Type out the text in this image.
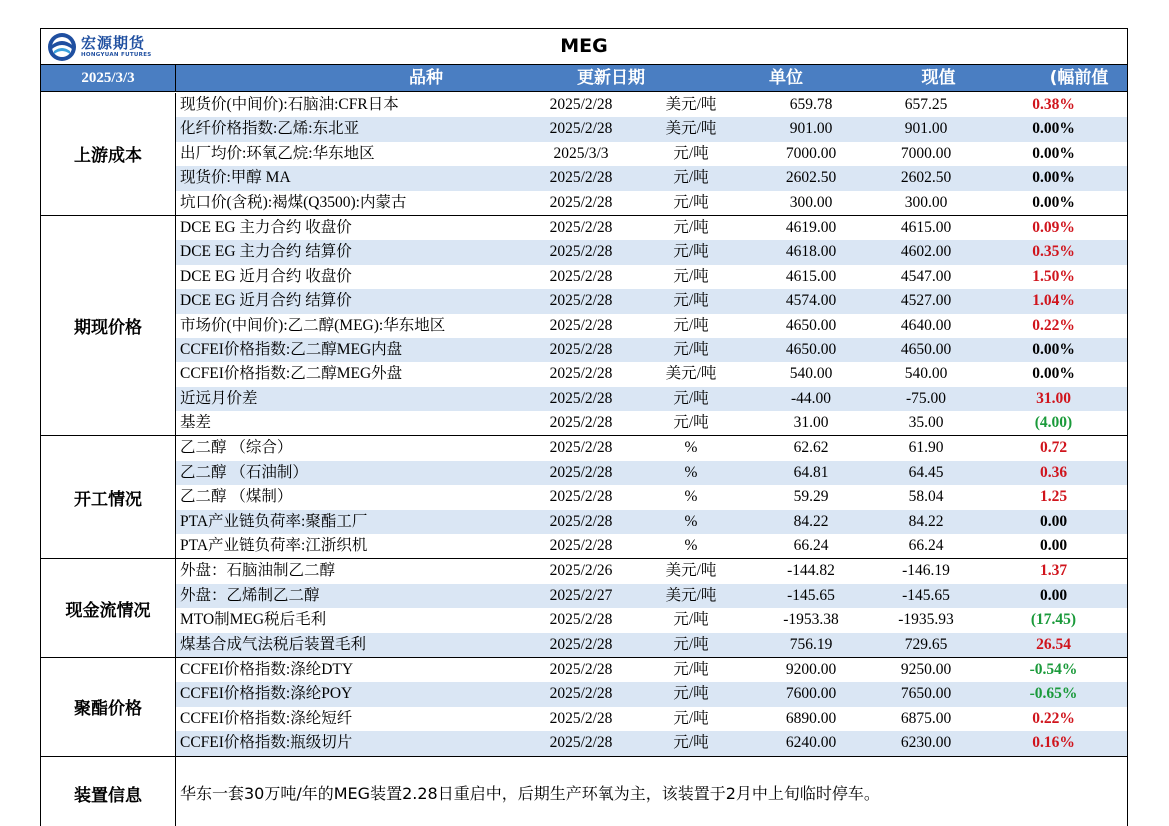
宏源期货
HONGYUAN FUTURES	MEG
2025/3/3	品种	更新日期	单位	现值	(幅前值
上游成本
现货价(中间价):石脑油:CFR日本	2025/2/28	美元/吨	659.78	657.25	0.38%
化纤价格指数:乙烯:东北亚	2025/2/28	美元/吨	901.00	901.00	0.00%
出厂均价:环氧乙烷:华东地区	2025/3/3	元/吨	7000.00	7000.00	0.00%
现货价:甲醇 MA	2025/2/28	元/吨	2602.50	2602.50	0.00%
坑口价(含税):褐煤(Q3500):内蒙古	2025/2/28	元/吨	300.00	300.00	0.00%
期现价格
DCE EG 主力合约 收盘价	2025/2/28	元/吨	4619.00	4615.00	0.09%
DCE EG 主力合约 结算价	2025/2/28	元/吨	4618.00	4602.00	0.35%
DCE EG 近月合约 收盘价	2025/2/28	元/吨	4615.00	4547.00	1.50%
DCE EG 近月合约 结算价	2025/2/28	元/吨	4574.00	4527.00	1.04%
市场价(中间价):乙二醇(MEG):华东地区	2025/2/28	元/吨	4650.00	4640.00	0.22%
CCFEI价格指数:乙二醇MEG内盘	2025/2/28	元/吨	4650.00	4650.00	0.00%
CCFEI价格指数:乙二醇MEG外盘	2025/2/28	美元/吨	540.00	540.00	0.00%
近远月价差	2025/2/28	元/吨	-44.00	-75.00	31.00
基差	2025/2/28	元/吨	31.00	35.00	(4.00)
开工情况
乙二醇 （综合）	2025/2/28	%	62.62	61.90	0.72
乙二醇 （石油制）	2025/2/28	%	64.81	64.45	0.36
乙二醇 （煤制）	2025/2/28	%	59.29	58.04	1.25
PTA产业链负荷率:聚酯工厂	2025/2/28	%	84.22	84.22	0.00
PTA产业链负荷率:江浙织机	2025/2/28	%	66.24	66.24	0.00
现金流情况
外盘：石脑油制乙二醇	2025/2/26	美元/吨	-144.82	-146.19	1.37
外盘：乙烯制乙二醇	2025/2/27	美元/吨	-145.65	-145.65	0.00
MTO制MEG税后毛利	2025/2/28	元/吨	-1953.38	-1935.93	(17.45)
煤基合成气法税后装置毛利	2025/2/28	元/吨	756.19	729.65	26.54
聚酯价格
CCFEI价格指数:涤纶DTY	2025/2/28	元/吨	9200.00	9250.00	-0.54%
CCFEI价格指数:涤纶POY	2025/2/28	元/吨	7600.00	7650.00	-0.65%
CCFEI价格指数:涤纶短纤	2025/2/28	元/吨	6890.00	6875.00	0.22%
CCFEI价格指数:瓶级切片	2025/2/28	元/吨	6240.00	6230.00	0.16%
装置信息	华东一套30万吨/年的MEG装置2.28日重启中，后期生产环氧为主，该装置于2月中上旬临时停车。
